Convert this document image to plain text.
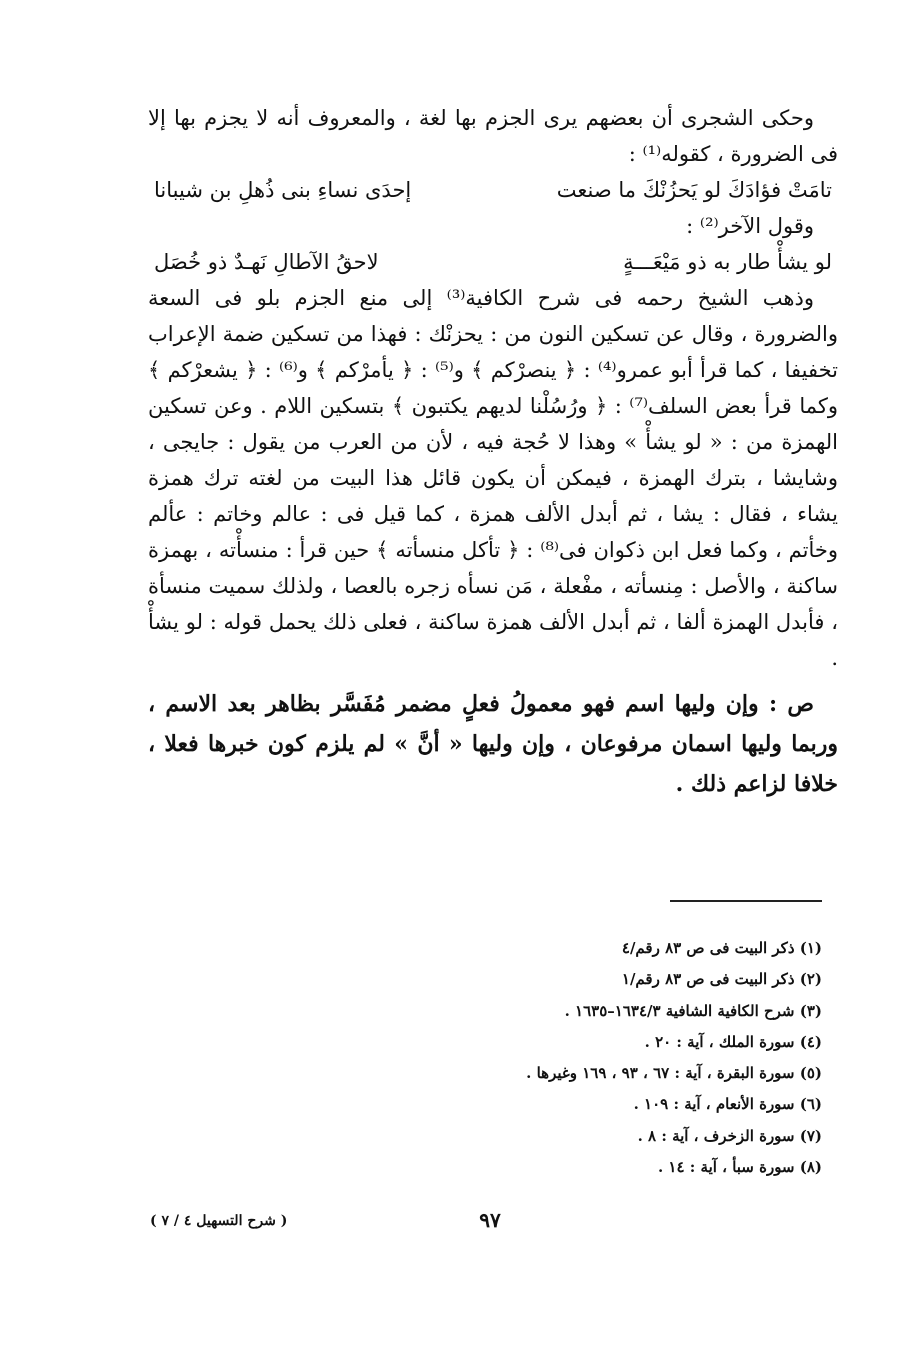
وحكى الشجرى أن بعضهم يرى الجزم بها لغة ، والمعروف أنه لا يجزم بها إلا فى الضرورة ، كقوله⁽¹⁾ :

تامَتْ فؤادَكَ لو يَحزُنْكَ ما صنعت
إحدَى نساءِ بنى ذُهلِ بن شيبانا

وقول الآخر⁽²⁾ :

لو يشأْ طار به ذو مَيْعَـــةٍ
لاحقُ الآطالِ نَهـدٌ ذو خُصَل

وذهب الشيخ رحمه فى شرح الكافية⁽³⁾ إلى منع الجزم بلو فى السعة والضرورة ، وقال عن تسكين النون من : يحزنْك : فهذا من تسكين ضمة الإعراب تخفيفا ، كما قرأ أبو عمرو⁽⁴⁾ : ﴿ ينصرْكم ﴾ و⁽⁵⁾ : ﴿ يأمرْكم ﴾ و⁽⁶⁾ : ﴿ يشعرْكم ﴾ وكما قرأ بعض السلف⁽⁷⁾ : ﴿ ورُسُلْنا لديهم يكتبون ﴾ بتسكين اللام . وعن تسكين الهمزة من : « لو يشأْ » وهذا لا حُجة فيه ، لأن من العرب من يقول : جايجى ، وشايشا ، بترك الهمزة ، فيمكن أن يكون قائل هذا البيت من لغته ترك همزة يشاء ، فقال : يشا ، ثم أبدل الألف همزة ، كما قيل فى : عالم وخاتم : عألم وخأتم ، وكما فعل ابن ذكوان فى⁽⁸⁾ : ﴿ تأكل منسأته ﴾ حين قرأ : منسأْته ، بهمزة ساكنة ، والأصل : مِنسأته ، مفْعلة ، مَن نسأه زجره بالعصا ، ولذلك سميت منسأة ، فأبدل الهمزة ألفا ، ثم أبدل الألف همزة ساكنة ، فعلى ذلك يحمل قوله : لو يشأْ .

ص : وإن وليها اسم فهو معمولُ فعلٍ مضمر مُفَسَّر بظاهر بعد الاسم ، وربما وليها اسمان مرفوعان ، وإن وليها « أنَّ » لم يلزم كون خبرها فعلا ، خلافا لزاعم ذلك .

(١) ذكر البيت فى ص ٨٣ رقم/٤
(٢) ذكر البيت فى ص ٨٣ رقم/١
(٣) شرح الكافية الشافية ١٦٣٤/٣–١٦٣٥ .
(٤) سورة الملك ، آية : ٢٠ .
(٥) سورة البقرة ، آية : ٦٧ ، ٩٣ ، ١٦٩ وغيرها .
(٦) سورة الأنعام ، آية : ١٠٩ .
(٧) سورة الزخرف ، آية : ٨ .
(٨) سورة سبأ ، آية : ١٤ .
٩٧
( شرح التسهيل ٤ / ٧ )
